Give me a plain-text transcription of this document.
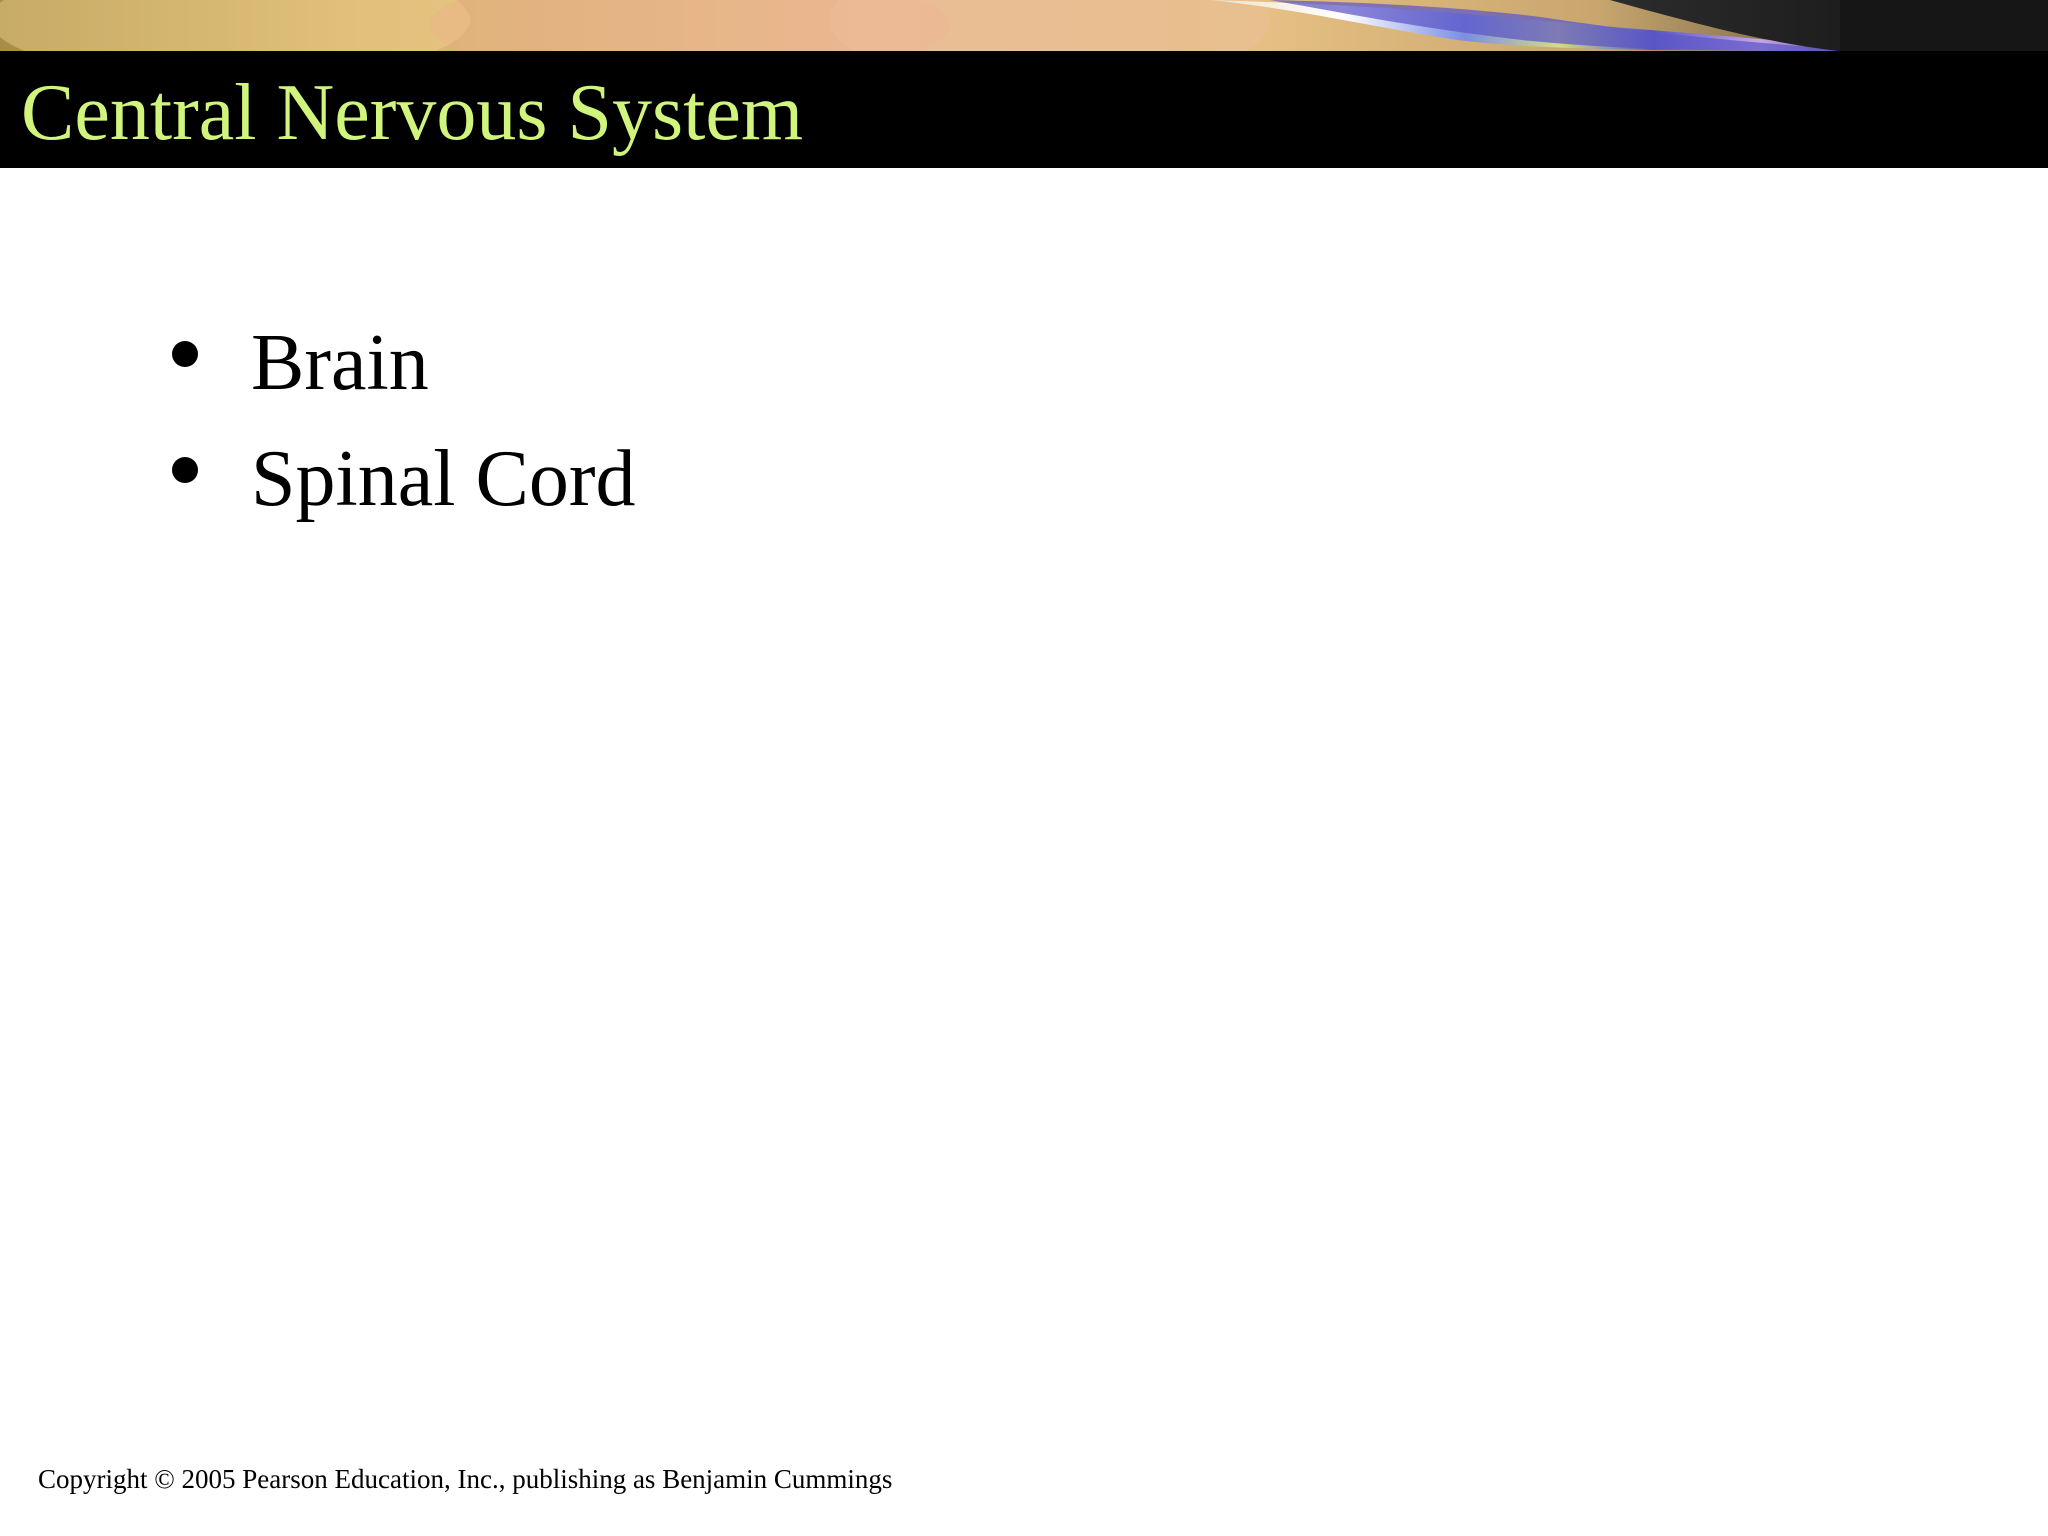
Central Nervous System
Brain
Spinal Cord
Copyright © 2005 Pearson Education, Inc., publishing as Benjamin Cummings
